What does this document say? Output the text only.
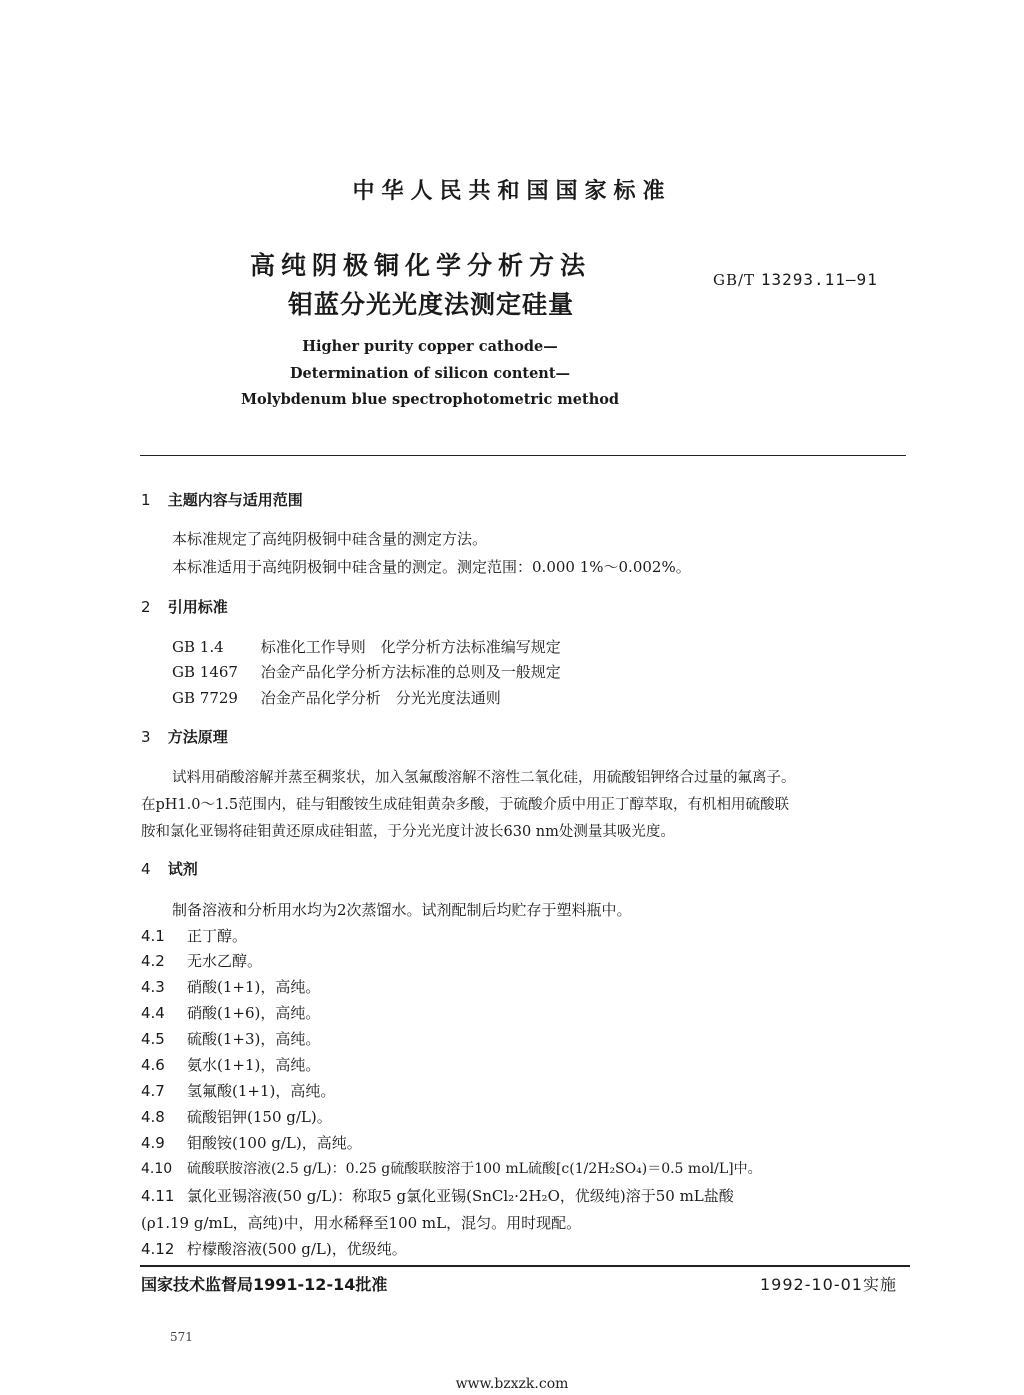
中华人民共和国国家标准
高纯阴极铜化学分析方法
钼蓝分光光度法测定硅量
GB/T 13293.11—91
Higher purity copper cathode—
Determination of silicon content—
Molybdenum blue spectrophotometric method
1 主题内容与适用范围
本标准规定了高纯阴极铜中硅含量的测定方法。
本标准适用于高纯阴极铜中硅含量的测定。测定范围：0.000 1%～0.002%。
2 引用标准
GB 1.4 标准化工作导则　化学分析方法标准编写规定
GB 1467 冶金产品化学分析方法标准的总则及一般规定
GB 7729 冶金产品化学分析　分光光度法通则
3 方法原理
试料用硝酸溶解并蒸至稠浆状，加入氢氟酸溶解不溶性二氧化硅，用硫酸铝钾络合过量的氟离子。
在pH1.0～1.5范围内，硅与钼酸铵生成硅钼黄杂多酸，于硫酸介质中用正丁醇萃取，有机相用硫酸联
胺和氯化亚锡将硅钼黄还原成硅钼蓝，于分光光度计波长630 nm处测量其吸光度。
4 试剂
制备溶液和分析用水均为2次蒸馏水。试剂配制后均贮存于塑料瓶中。
4.1 正丁醇。
4.2 无水乙醇。
4.3 硝酸(1+1)，高纯。
4.4 硝酸(1+6)，高纯。
4.5 硫酸(1+3)，高纯。
4.6 氨水(1+1)，高纯。
4.7 氢氟酸(1+1)，高纯。
4.8 硫酸铝钾(150 g/L)。
4.9 钼酸铵(100 g/L)，高纯。
4.10 硫酸联胺溶液(2.5 g/L)：0.25 g硫酸联胺溶于100 mL硫酸[c(1/2H₂SO₄)＝0.5 mol/L]中。
4.11 氯化亚锡溶液(50 g/L)：称取5 g氯化亚锡(SnCl₂·2H₂O，优级纯)溶于50 mL盐酸
(ρ1.19 g/mL，高纯)中，用水稀释至100 mL，混匀。用时现配。
4.12 柠檬酸溶液(500 g/L)，优级纯。
国家技术监督局1991-12-14批准	1992-10-01实施
571
www.bzxzk.com
